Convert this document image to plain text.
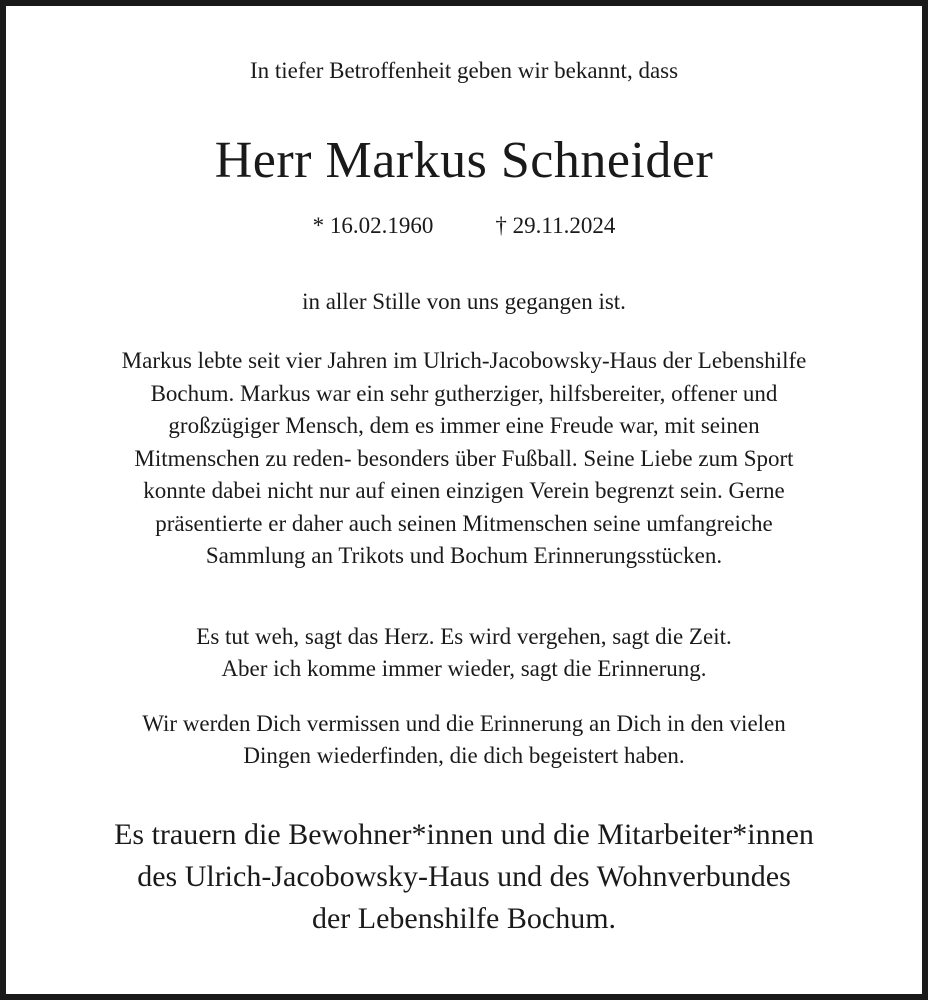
In tiefer Betroffenheit geben wir bekannt, dass
Herr Markus Schneider
* 16.02.1960	† 29.11.2024
in aller Stille von uns gegangen ist.
Markus lebte seit vier Jahren im Ulrich-Jacobowsky-Haus der Lebenshilfe
Bochum. Markus war ein sehr gutherziger, hilfsbereiter, offener und
großzügiger Mensch, dem es immer eine Freude war, mit seinen
Mitmenschen zu reden- besonders über Fußball. Seine Liebe zum Sport
konnte dabei nicht nur auf einen einzigen Verein begrenzt sein. Gerne
präsentierte er daher auch seinen Mitmenschen seine umfangreiche
Sammlung an Trikots und Bochum Erinnerungsstücken.
Es tut weh, sagt das Herz. Es wird vergehen, sagt die Zeit.
Aber ich komme immer wieder, sagt die Erinnerung.
Wir werden Dich vermissen und die Erinnerung an Dich in den vielen
Dingen wiederfinden, die dich begeistert haben.
Es trauern die Bewohner*innen und die Mitarbeiter*innen
des Ulrich-Jacobowsky-Haus und des Wohnverbundes
der Lebenshilfe Bochum.
